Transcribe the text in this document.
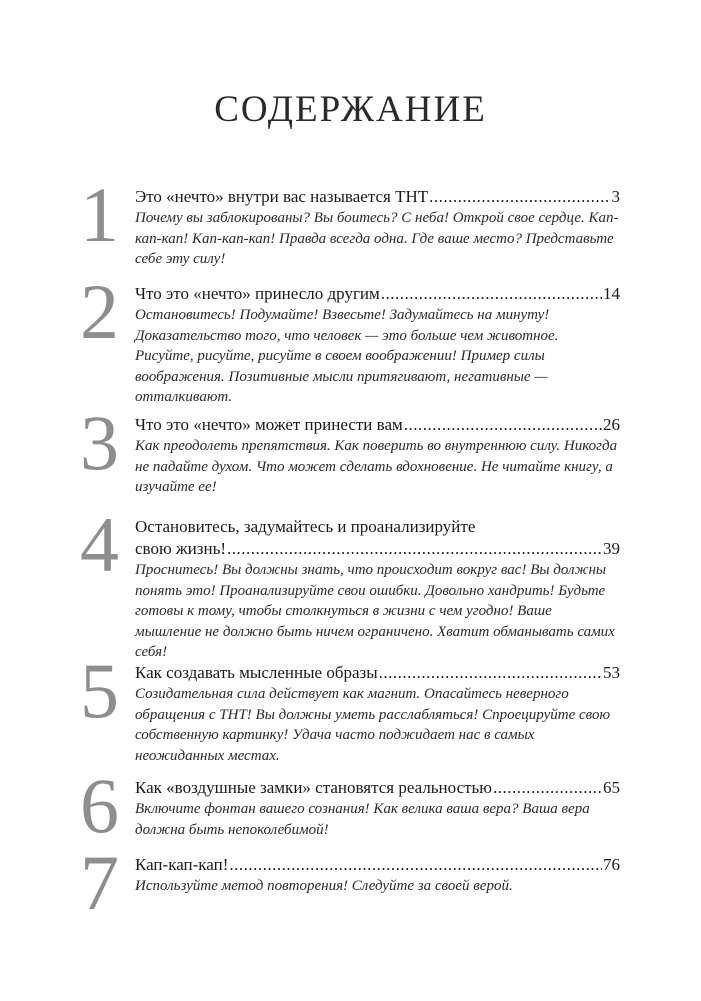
СОДЕРЖАНИЕ
1 Это «нечто» внутри вас называется ТНТ .....	3

Почему вы заблокированы? Вы боитесь? С неба! Открой свое сердце. Кап-кап-кап! Кап-кап-кап! Правда всегда одна. Где ваше место? Представьте себе эту силу!

2 Что это «нечто» принесло другим .....	14

Остановитесь! Подумайте! Взвесьте! Задумайтесь на минуту! Доказательство того, что человек — это больше чем животное. Рисуйте, рисуйте, рисуйте в своем воображении! Пример силы воображения. Позитивные мысли притягивают, негативные — отталкивают.

3 Что это «нечто» может принести вам .....	26

Как преодолеть препятствия. Как поверить во внутреннюю силу. Никогда не падайте духом. Что может сделать вдохновение. Не читайте книгу, а изучайте ее!

4 Остановитесь, задумайтесь и проанализируйте
свою жизнь! .....	39

Проснитесь! Вы должны знать, что происходит вокруг вас! Вы должны понять это! Проанализируйте свои ошибки. Довольно хандрить! Будьте готовы к тому, чтобы столкнуться в жизни с чем угодно! Ваше мышление не должно быть ничем ограничено. Хватит обманывать самих себя!

5 Как создавать мысленные образы .....	53

Созидательная сила действует как магнит. Опасайтесь неверного обращения с ТНТ! Вы должны уметь расслабляться! Спроецируйте свою собственную картинку! Удача часто поджидает нас в самых неожиданных местах.

6 Как «воздушные замки» становятся реальностью .....	65

Включите фонтан вашего сознания! Как велика ваша вера? Ваша вера должна быть непоколебимой!

7 Кап-кап-кап! .....	76

Используйте метод повторения! Следуйте за своей верой.
